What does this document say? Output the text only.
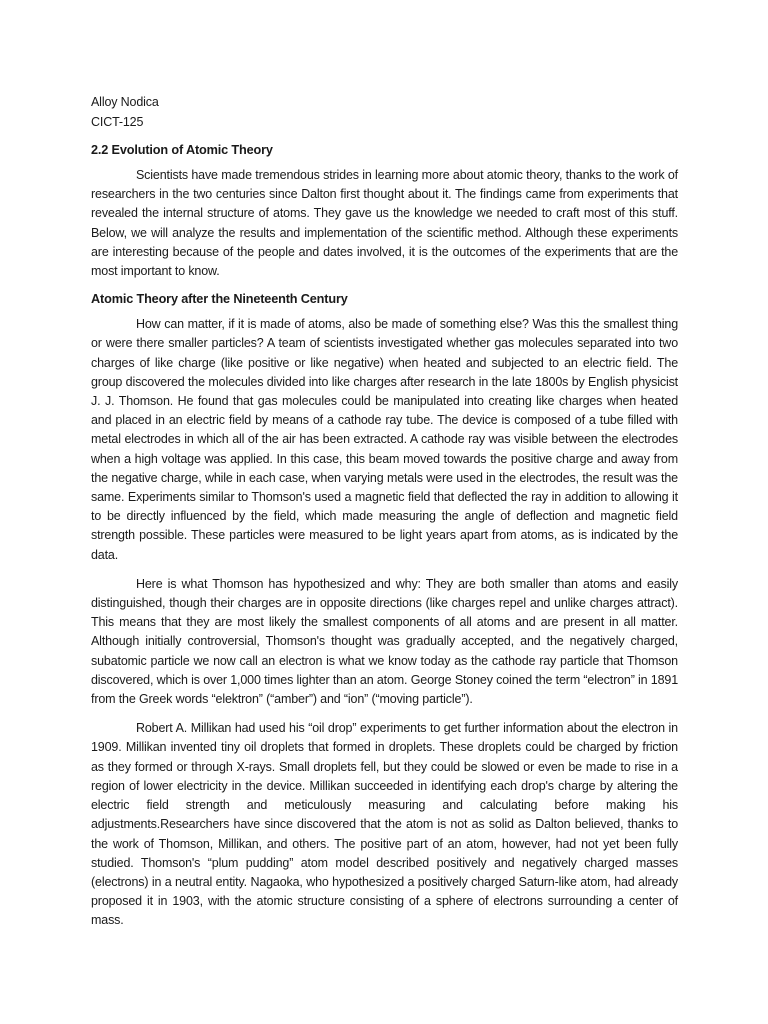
Alloy Nodica

CICT-125

2.2 Evolution of Atomic Theory

Scientists have made tremendous strides in learning more about atomic theory, thanks to the work of researchers in the two centuries since Dalton first thought about it. The findings came from experiments that revealed the internal structure of atoms. They gave us the knowledge we needed to craft most of this stuff. Below, we will analyze the results and implementation of the scientific method. Although these experiments are interesting because of the people and dates involved, it is the outcomes of the experiments that are the most important to know.

Atomic Theory after the Nineteenth Century

How can matter, if it is made of atoms, also be made of something else? Was this the smallest thing or were there smaller particles? A team of scientists investigated whether gas molecules separated into two charges of like charge (like positive or like negative) when heated and subjected to an electric field. The group discovered the molecules divided into like charges after research in the late 1800s by English physicist J. J. Thomson. He found that gas molecules could be manipulated into creating like charges when heated and placed in an electric field by means of a cathode ray tube. The device is composed of a tube filled with metal electrodes in which all of the air has been extracted. A cathode ray was visible between the electrodes when a high voltage was applied. In this case, this beam moved towards the positive charge and away from the negative charge, while in each case, when varying metals were used in the electrodes, the result was the same. Experiments similar to Thomson's used a magnetic field that deflected the ray in addition to allowing it to be directly influenced by the field, which made measuring the angle of deflection and magnetic field strength possible. These particles were measured to be light years apart from atoms, as is indicated by the data.

Here is what Thomson has hypothesized and why: They are both smaller than atoms and easily distinguished, though their charges are in opposite directions (like charges repel and unlike charges attract). This means that they are most likely the smallest components of all atoms and are present in all matter. Although initially controversial, Thomson's thought was gradually accepted, and the negatively charged, subatomic particle we now call an electron is what we know today as the cathode ray particle that Thomson discovered, which is over 1,000 times lighter than an atom. George Stoney coined the term “electron” in 1891 from the Greek words “elektron” (“amber”) and “ion” (“moving particle”).

Robert A. Millikan had used his “oil drop” experiments to get further information about the electron in 1909. Millikan invented tiny oil droplets that formed in droplets. These droplets could be charged by friction as they formed or through X-rays. Small droplets fell, but they could be slowed or even be made to rise in a region of lower electricity in the device. Millikan succeeded in identifying each drop's charge by altering the electric field strength and meticulously measuring and calculating before making his adjustments.Researchers have since discovered that the atom is not as solid as Dalton believed, thanks to the work of Thomson, Millikan, and others. The positive part of an atom, however, had not yet been fully studied. Thomson's “plum pudding” atom model described positively and negatively charged masses (electrons) in a neutral entity. Nagaoka, who hypothesized a positively charged Saturn-like atom, had already proposed it in 1903, with the atomic structure consisting of a sphere of electrons surrounding a center of mass.
